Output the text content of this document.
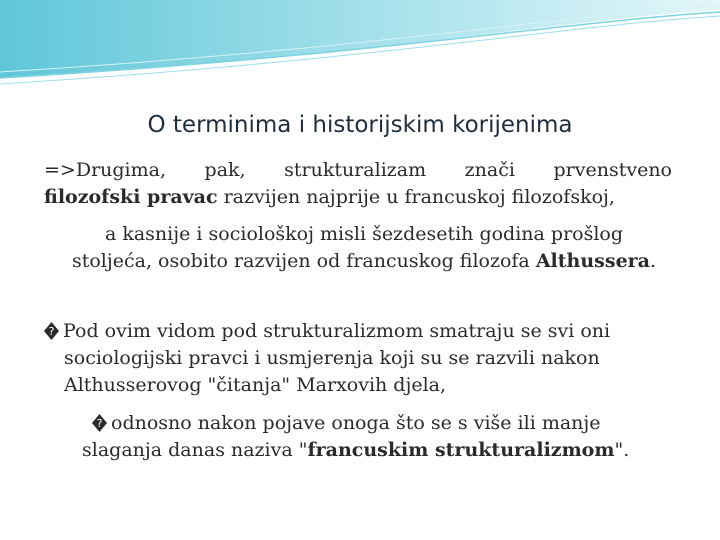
O terminima i historijskim korijenima
=>Drugima, pak, strukturalizam znači prvenstveno
filozofski pravac razvijen najprije u francuskoj filozofskoj,
a kasnije i sociološkoj misli šezdesetih godina prošlog
stoljeća, osobito razvijen od francuskog filozofa Althussera.
? Pod ovim vidom pod strukturalizmom smatraju se svi oni
sociologijski pravci i usmjerenja koji su se razvili nakon
Althusserovog "čitanja" Marxovih djela,
? odnosno nakon pojave onoga što se s više ili manje
slaganja danas naziva "francuskim strukturalizmom".
